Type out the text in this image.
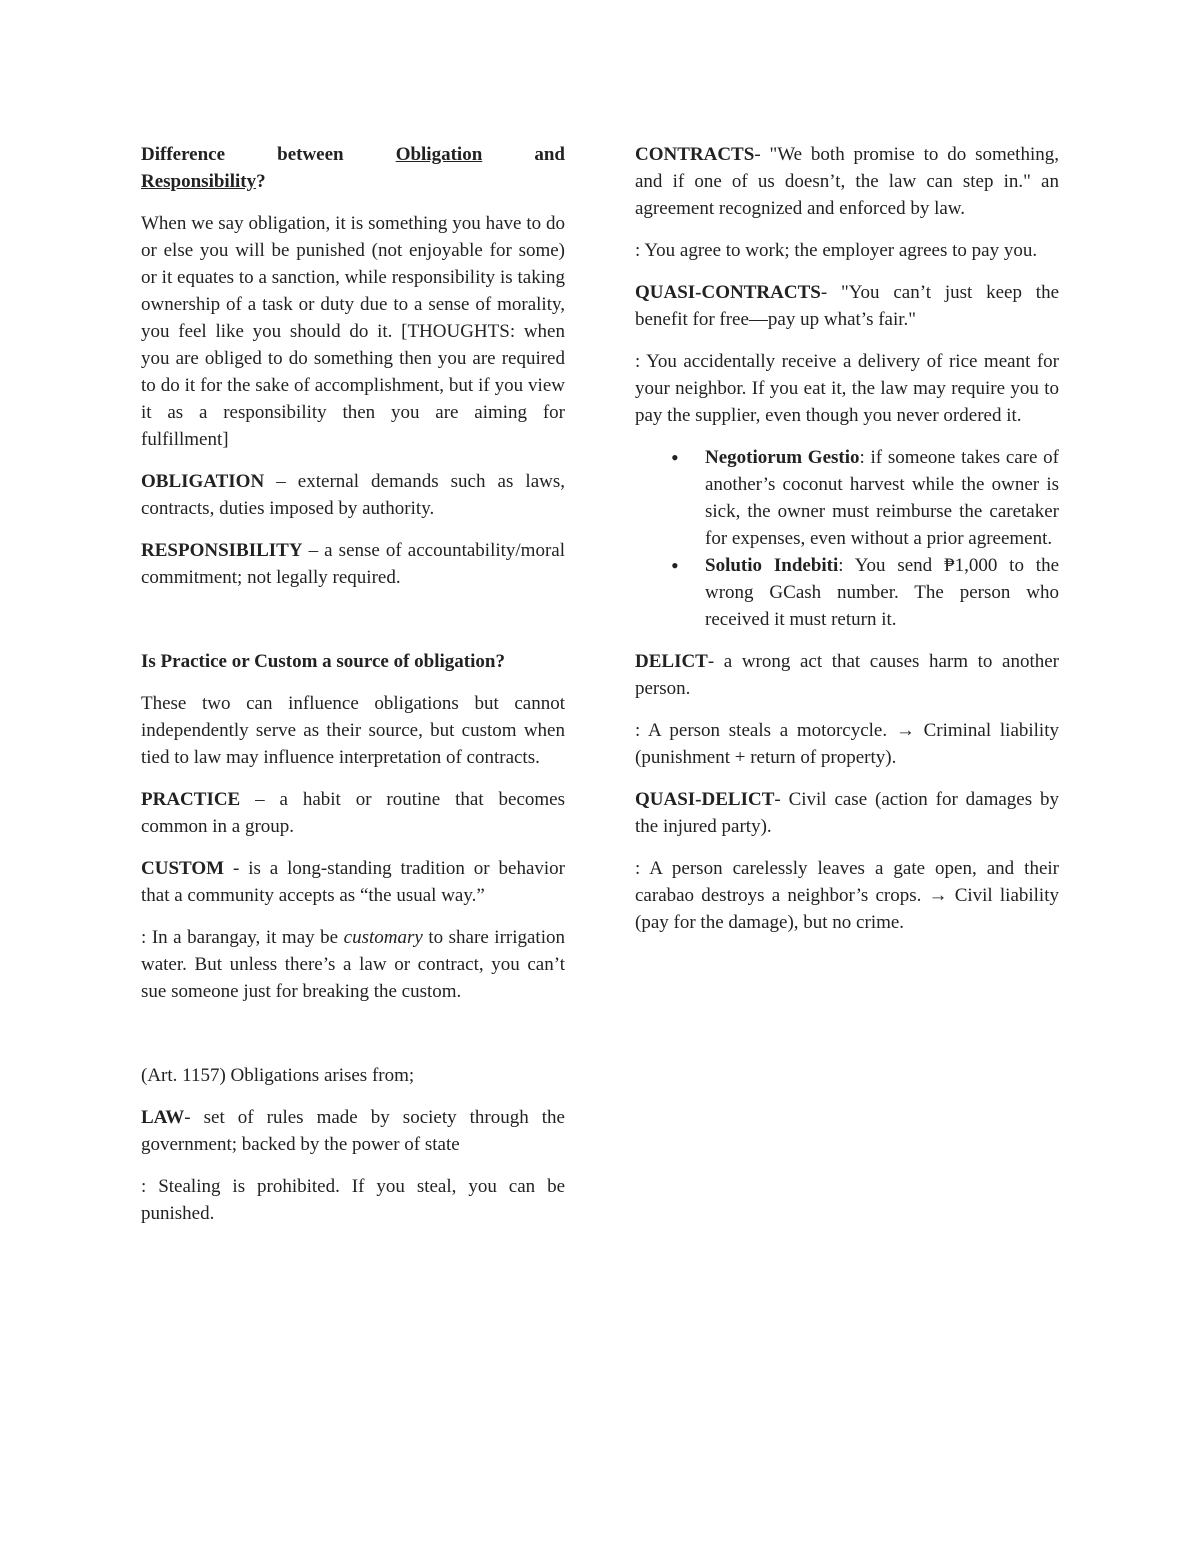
Difference	between	Obligation	and
Responsibility?

When we say obligation, it is something you have to do or else you will be punished (not enjoyable for some) or it equates to a sanction, while responsibility is taking ownership of a task or duty due to a sense of morality, you feel like you should do it. [THOUGHTS: when you are obliged to do something then you are required to do it for the sake of accomplishment, but if you view it as a responsibility then you are aiming for fulfillment]

OBLIGATION – external demands such as laws, contracts, duties imposed by authority.

RESPONSIBILITY – a sense of accountability/moral commitment; not legally required.

Is Practice or Custom a source of obligation?

These two can influence obligations but cannot independently serve as their source, but custom when tied to law may influence interpretation of contracts.

PRACTICE – a habit or routine that becomes common in a group.

CUSTOM - is a long-standing tradition or behavior that a community accepts as “the usual way.”

: In a barangay, it may be customary to share irrigation water. But unless there’s a law or contract, you can’t sue someone just for breaking the custom.

(Art. 1157) Obligations arises from;

LAW- set of rules made by society through the government; backed by the power of state

: Stealing is prohibited. If you steal, you can be punished.

CONTRACTS- "We both promise to do something, and if one of us doesn’t, the law can step in." an agreement recognized and enforced by law.

: You agree to work; the employer agrees to pay you.

QUASI-CONTRACTS- "You can’t just keep the benefit for free—pay up what’s fair."

: You accidentally receive a delivery of rice meant for your neighbor. If you eat it, the law may require you to pay the supplier, even though you never ordered it.

• Negotiorum Gestio: if someone takes care of another’s coconut harvest while the owner is sick, the owner must reimburse the caretaker for expenses, even without a prior agreement.
• Solutio Indebiti: You send ₱1,000 to the wrong GCash number. The person who received it must return it.

DELICT- a wrong act that causes harm to another person.

: A person steals a motorcycle. → Criminal liability (punishment + return of property).

QUASI-DELICT- Civil case (action for damages by the injured party).

: A person carelessly leaves a gate open, and their carabao destroys a neighbor’s crops. → Civil liability (pay for the damage), but no crime.
